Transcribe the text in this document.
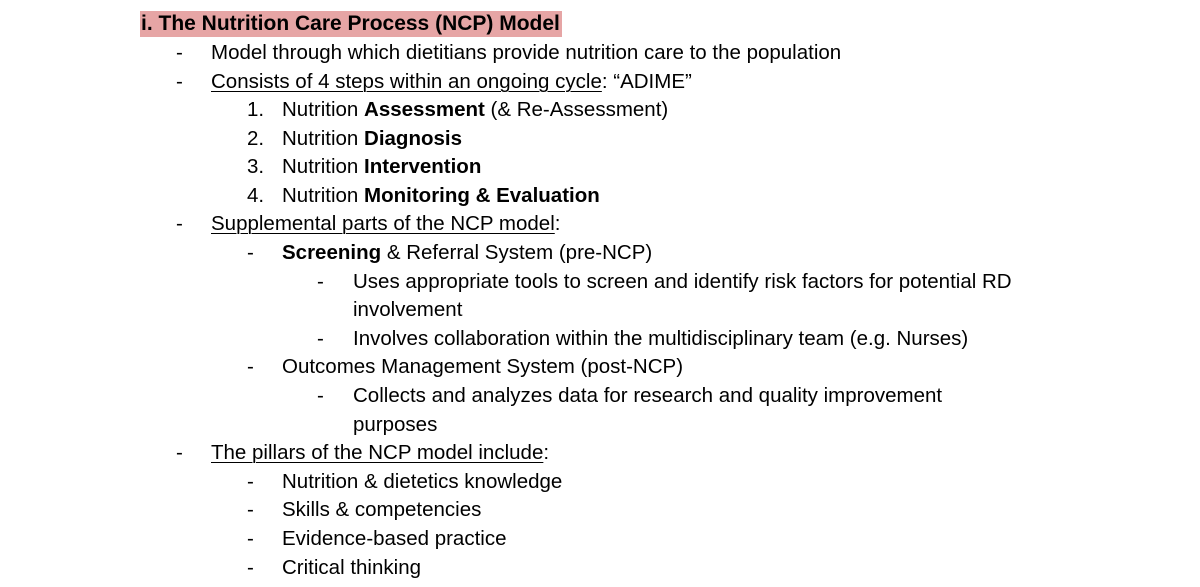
i. The Nutrition Care Process (NCP) Model
- Model through which dietitians provide nutrition care to the population
- Consists of 4 steps within an ongoing cycle: “ADIME”
1. Nutrition Assessment (& Re-Assessment)
2. Nutrition Diagnosis
3. Nutrition Intervention
4. Nutrition Monitoring & Evaluation
- Supplemental parts of the NCP model:
- Screening & Referral System (pre-NCP)
- Uses appropriate tools to screen and identify risk factors for potential RD
involvement
- Involves collaboration within the multidisciplinary team (e.g. Nurses)
- Outcomes Management System (post-NCP)
- Collects and analyzes data for research and quality improvement
purposes
- The pillars of the NCP model include:
- Nutrition & dietetics knowledge
- Skills & competencies
- Evidence-based practice
- Critical thinking
